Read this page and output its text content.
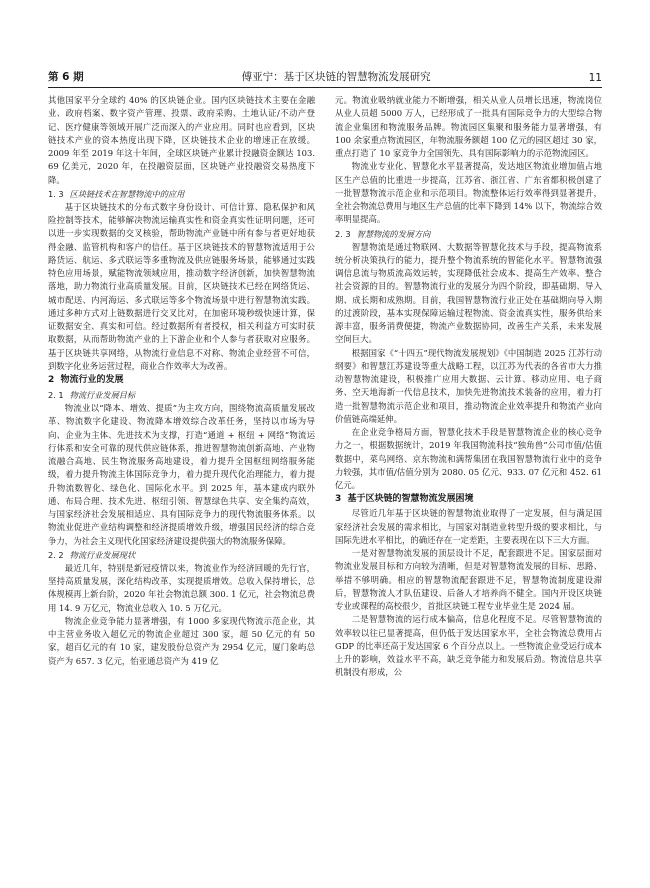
第 6 期	傅亚宁：基于区块链的智慧物流发展研究	11

其他国家平分全球约 40% 的区块链企业。国内区块链技术主要在金融业、政府档案、数字资产管理、投票、政府采购、土地认证/不动产登记、医疗健康等领域开展广泛而深入的产业应用。同时也应看到，区块链技术产业的资本热度出现下降，区块链技术企业的增速正在放缓。2009 年至 2019 年这十年间，全球区块链产业累计投融资金额达 103. 69 亿美元，2020 年，在投融资层面，区块链产业投融资交易热度下降。

1. 3 区块链技术在智慧物流中的应用

基于区块链技术的分布式数字身份设计、可信计算、隐私保护和风险控制等技术，能够解决物流运输真实性和资金真实性证明问题，还可以进一步实现数据的交叉核验，帮助物流产业链中所有参与者更好地获得金融、监管机构和客户的信任。基于区块链技术的智慧物流适用于公路货运、航运、多式联运等多重物流及供应链服务场景，能够通过实践特色应用场景，赋能物流领域应用，推动数字经济创新，加快智慧物流落地，助力物流行业高质量发展。目前，区块链技术已经在网络货运、城市配送、内河海运、多式联运等多个物流场景中进行智慧物流实践。通过多种方式对上链数据进行交叉比对，在加密环境秒级快速计算，保证数据安全、真实和可信。经过数据所有者授权，相关利益方可实时获取数据，从而帮助物流产业的上下游企业和个人参与者获取对应服务。基于区块链共享网络，从物流行业信息不对称、物流企业经营不可信，到数字化业务运营过程，商业合作效率大为改善。

2 物流行业的发展
2. 1 物流行业发展目标

物流业以“降本、增效、提质”为主攻方向，围绕物流高质量发展改革、物流数字化建设、物流降本增效综合改革任务，坚持以市场为导向、企业为主体、先进技术为支撑，打造“通道 + 枢纽 + 网络”物流运行体系和安全可靠的现代供应链体系，推进智慧物流创新高地、产业物流融合高地、民生物流服务高地建设，着力提升全国枢纽网络服务能级，着力提升物流主体国际竞争力，着力提升现代化治理能力，着力提升物流数智化、绿色化、国际化水平。到 2025 年，基本建成内联外通、布局合理、技术先进、枢纽引领、智慧绿色共享、安全集约高效，与国家经济社会发展相适应、具有国际竞争力的现代物流服务体系。以物流业促进产业结构调整和经济提质增效升级，增强国民经济的综合竞争力，为社会主义现代化国家经济建设提供强大的物流服务保障。

2. 2 物流行业发展现状

最近几年，特别是新冠疫情以来，物流业作为经济回暖的先行官，坚持高质量发展，深化结构改革，实现提质增效。总收入保持增长，总体规模再上新台阶，2020 年社会物流总额 300. 1 亿元，社会物流总费用 14. 9 万亿元，物流业总收入 10. 5 万亿元。

物流企业竞争能力显著增强，有 1000 多家现代物流示范企业，其中主营业务收入超亿元的物流企业超过 300 家，超 50 亿元的有 50 家，超百亿元的有 10 家，建发股份总资产为 2954 亿元，厦门象屿总资产为 657. 3 亿元，怡亚通总资产为 419 亿

元。物流业吸纳就业能力不断增强，相关从业人员增长迅速，物流岗位从业人员超 5000 万人，已经形成了一批具有国际竞争力的大型综合物流企业集团和物流服务品牌。物流园区集聚和服务能力显著增强，有 100 余家重点物流园区，年物流服务额超 100 亿元的园区超过 30 家，重点打造了 10 家竞争力全国领先、具有国际影响力的示范物流园区。

物流业专业化、智慧化水平显著提高，发达地区物流业增加值占地区生产总值的比重进一步提高，江苏省、浙江省、广东省都积极创建了一批智慧物流示范企业和示范项目。物流整体运行效率得到显著提升，全社会物流总费用与地区生产总值的比率下降到 14% 以下，物流综合效率明显提高。

2. 3 智慧物流的发展方向

智慧物流是通过物联网、大数据等智慧化技术与手段，提高物流系统分析决策执行的能力，提升整个物流系统的智能化水平。智慧物流强调信息流与物质流高效运转，实现降低社会成本、提高生产效率、整合社会资源的目的。智慧物流行业的发展分为四个阶段，即基础期、导入期、成长期和成熟期。目前，我国智慧物流行业正处在基础期向导入期的过渡阶段，基本实现保障运输过程物流、资金流真实性，服务供给来源丰富，服务消费便捷，物流产业数据协同，改善生产关系，未来发展空间巨大。

根据国家《“十四五”现代物流发展规划》《中国制造 2025 江苏行动纲要》和智慧江苏建设等重大战略工程，以江苏为代表的各省市大力推动智慧物流建设，积极推广应用大数据、云计算、移动应用、电子商务、空天地海新一代信息技术，加快先进物流技术装备的应用，着力打造一批智慧物流示范企业和项目，推动物流企业效率提升和物流产业向价值链高端延伸。

在企业竞争格局方面，智慧化技术手段是智慧物流企业的核心竞争力之一，根据数据统计，2019 年我国物流科技“独角兽”公司市值/估值数据中，菜鸟网络、京东物流和满帮集团在我国智慧物流行业中的竞争力较强，其市值/估值分别为 2080. 05 亿元、933. 07 亿元和 452. 61 亿元。

3 基于区块链的智慧物流发展困境

尽管近几年基于区块链的智慧物流业取得了一定发展，但与满足国家经济社会发展的需求相比，与国家对制造业转型升级的要求相比，与国际先进水平相比，的确还存在一定差距，主要表现在以下三大方面。

一是对智慧物流发展的顶层设计不足，配套跟进不足。国家层面对物流业发展目标和方向较为清晰，但是对智慧物流发展的目标、思路、举措不够明确。相应的智慧物流配套跟进不足，智慧物流制度建设滞后，智慧物流人才队伍建设、后备人才培养尚不健全。国内开设区块链专业或课程的高校很少，首批区块链工程专业毕业生是 2024 届。

二是智慧物流的运行成本偏高，信息化程度不足。尽管智慧物流的效率较以往已显著提高，但仍低于发达国家水平，全社会物流总费用占 GDP 的比率还高于发达国家 6 个百分点以上。一些物流企业受运行成本上升的影响，效益水平不高，缺乏竞争能力和发展后劲。物流信息共享机制没有形成，公
